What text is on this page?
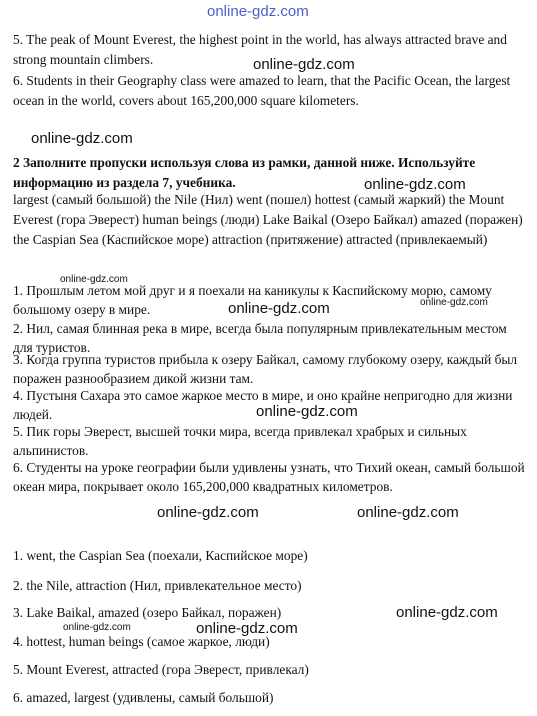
online-gdz.com

5. The peak of Mount Everest, the highest point in the world, has always attracted brave and strong mountain climbers.

6. Students in their Geography class were amazed to learn, that the Pacific Ocean, the largest ocean in the world, covers about 165,200,000 square kilometers.

online-gdz.com
online-gdz.com

2 Заполните пропуски используя слова из рамки, данной ниже. Используйте информацию из раздела 7, учебника.	online-gdz.com

largest (самый большой) the Nile (Нил) went (пошел) hottest (самый жаркий) the Mount Everest (гора Эверест) human beings (люди) Lake Baikal (Озеро Байкал) amazed (поражен) the Caspian Sea (Каспийское море) attraction (притяжение) attracted (привлекаемый)

online-gdz.com

1. Прошлым летом мой друг и я поехали на каникулы к Каспийскому морю, самому большому озеру в мире.	online-gdz.com	online-gdz.com

2. Нил, самая блинная река в мире, всегда была популярным привлекательным местом для туристов.

3. Когда группа туристов прибыла к озеру Байкал, самому глубокому озеру, каждый был поражен разнообразием дикой жизни там.

4. Пустыня Сахара это самое жаркое место в мире, и оно крайне непригодно для жизни людей.	online-gdz.com

5. Пик горы Эверест, высшей точки мира, всегда привлекал храбрых и сильных альпинистов.

6. Студенты на уроке географии были удивлены узнать, что Тихий океан, самый большой океан мира, покрывает около 165,200,000 квадратных километров.

online-gdz.com	online-gdz.com

1. went, the Caspian Sea (поехали, Каспийское море)

2. the Nile, attraction (Нил, привлекательное место)

3. Lake Baikal, amazed (озеро Байкал, поражен)	online-gdz.com
online-gdz.com	online-gdz.com

4. hottest, human beings (самое жаркое, люди)

5. Mount Everest, attracted (гора Эверест, привлекал)

6. amazed, largest (удивлены, самый большой)
